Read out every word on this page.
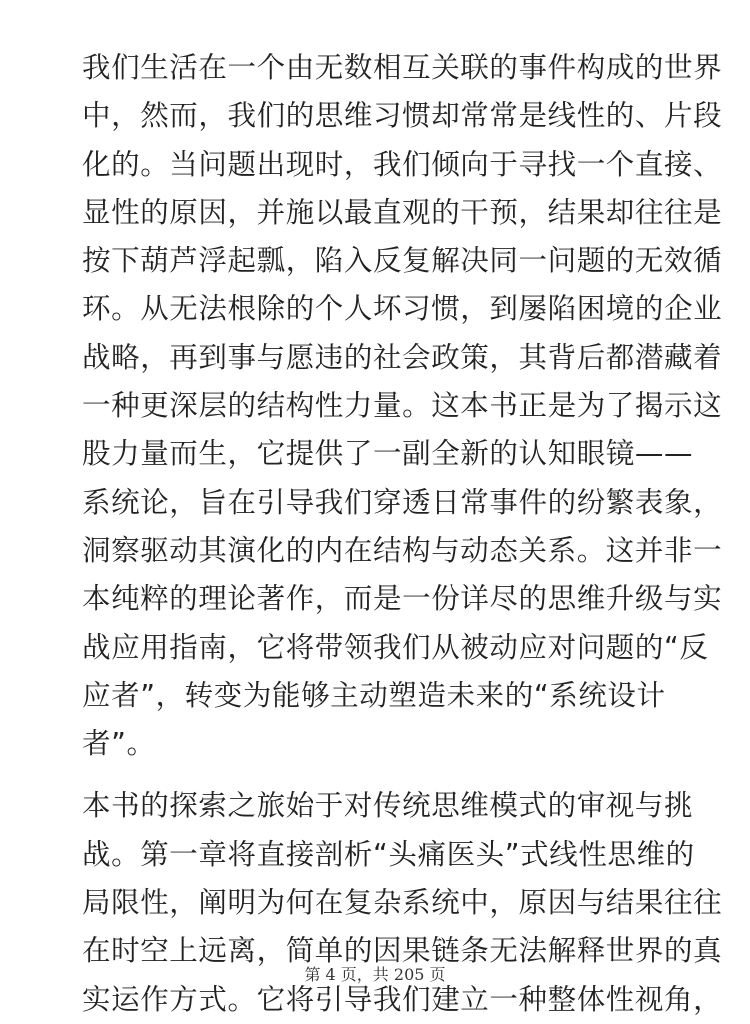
我们生活在一个由无数相互关联的事件构成的世界
中，然而，我们的思维习惯却常常是线性的、片段
化的。当问题出现时，我们倾向于寻找一个直接、
显性的原因，并施以最直观的干预，结果却往往是
按下葫芦浮起瓢，陷入反复解决同一问题的无效循
环。从无法根除的个人坏习惯，到屡陷困境的企业
战略，再到事与愿违的社会政策，其背后都潜藏着
一种更深层的结构性力量。这本书正是为了揭示这
股力量而生，它提供了一副全新的认知眼镜——
系统论，旨在引导我们穿透日常事件的纷繁表象，
洞察驱动其演化的内在结构与动态关系。这并非一
本纯粹的理论著作，而是一份详尽的思维升级与实
战应用指南，它将带领我们从被动应对问题的“反
应者”，转变为能够主动塑造未来的“系统设计
者”。

本书的探索之旅始于对传统思维模式的审视与挑
战。第一章将直接剖析“头痛医头”式线性思维的
局限性，阐明为何在复杂系统中，原因与结果往往
在时空上远离，简单的因果链条无法解释世界的真
实运作方式。它将引导我们建立一种整体性视角，

第 4 页，共 205 页
